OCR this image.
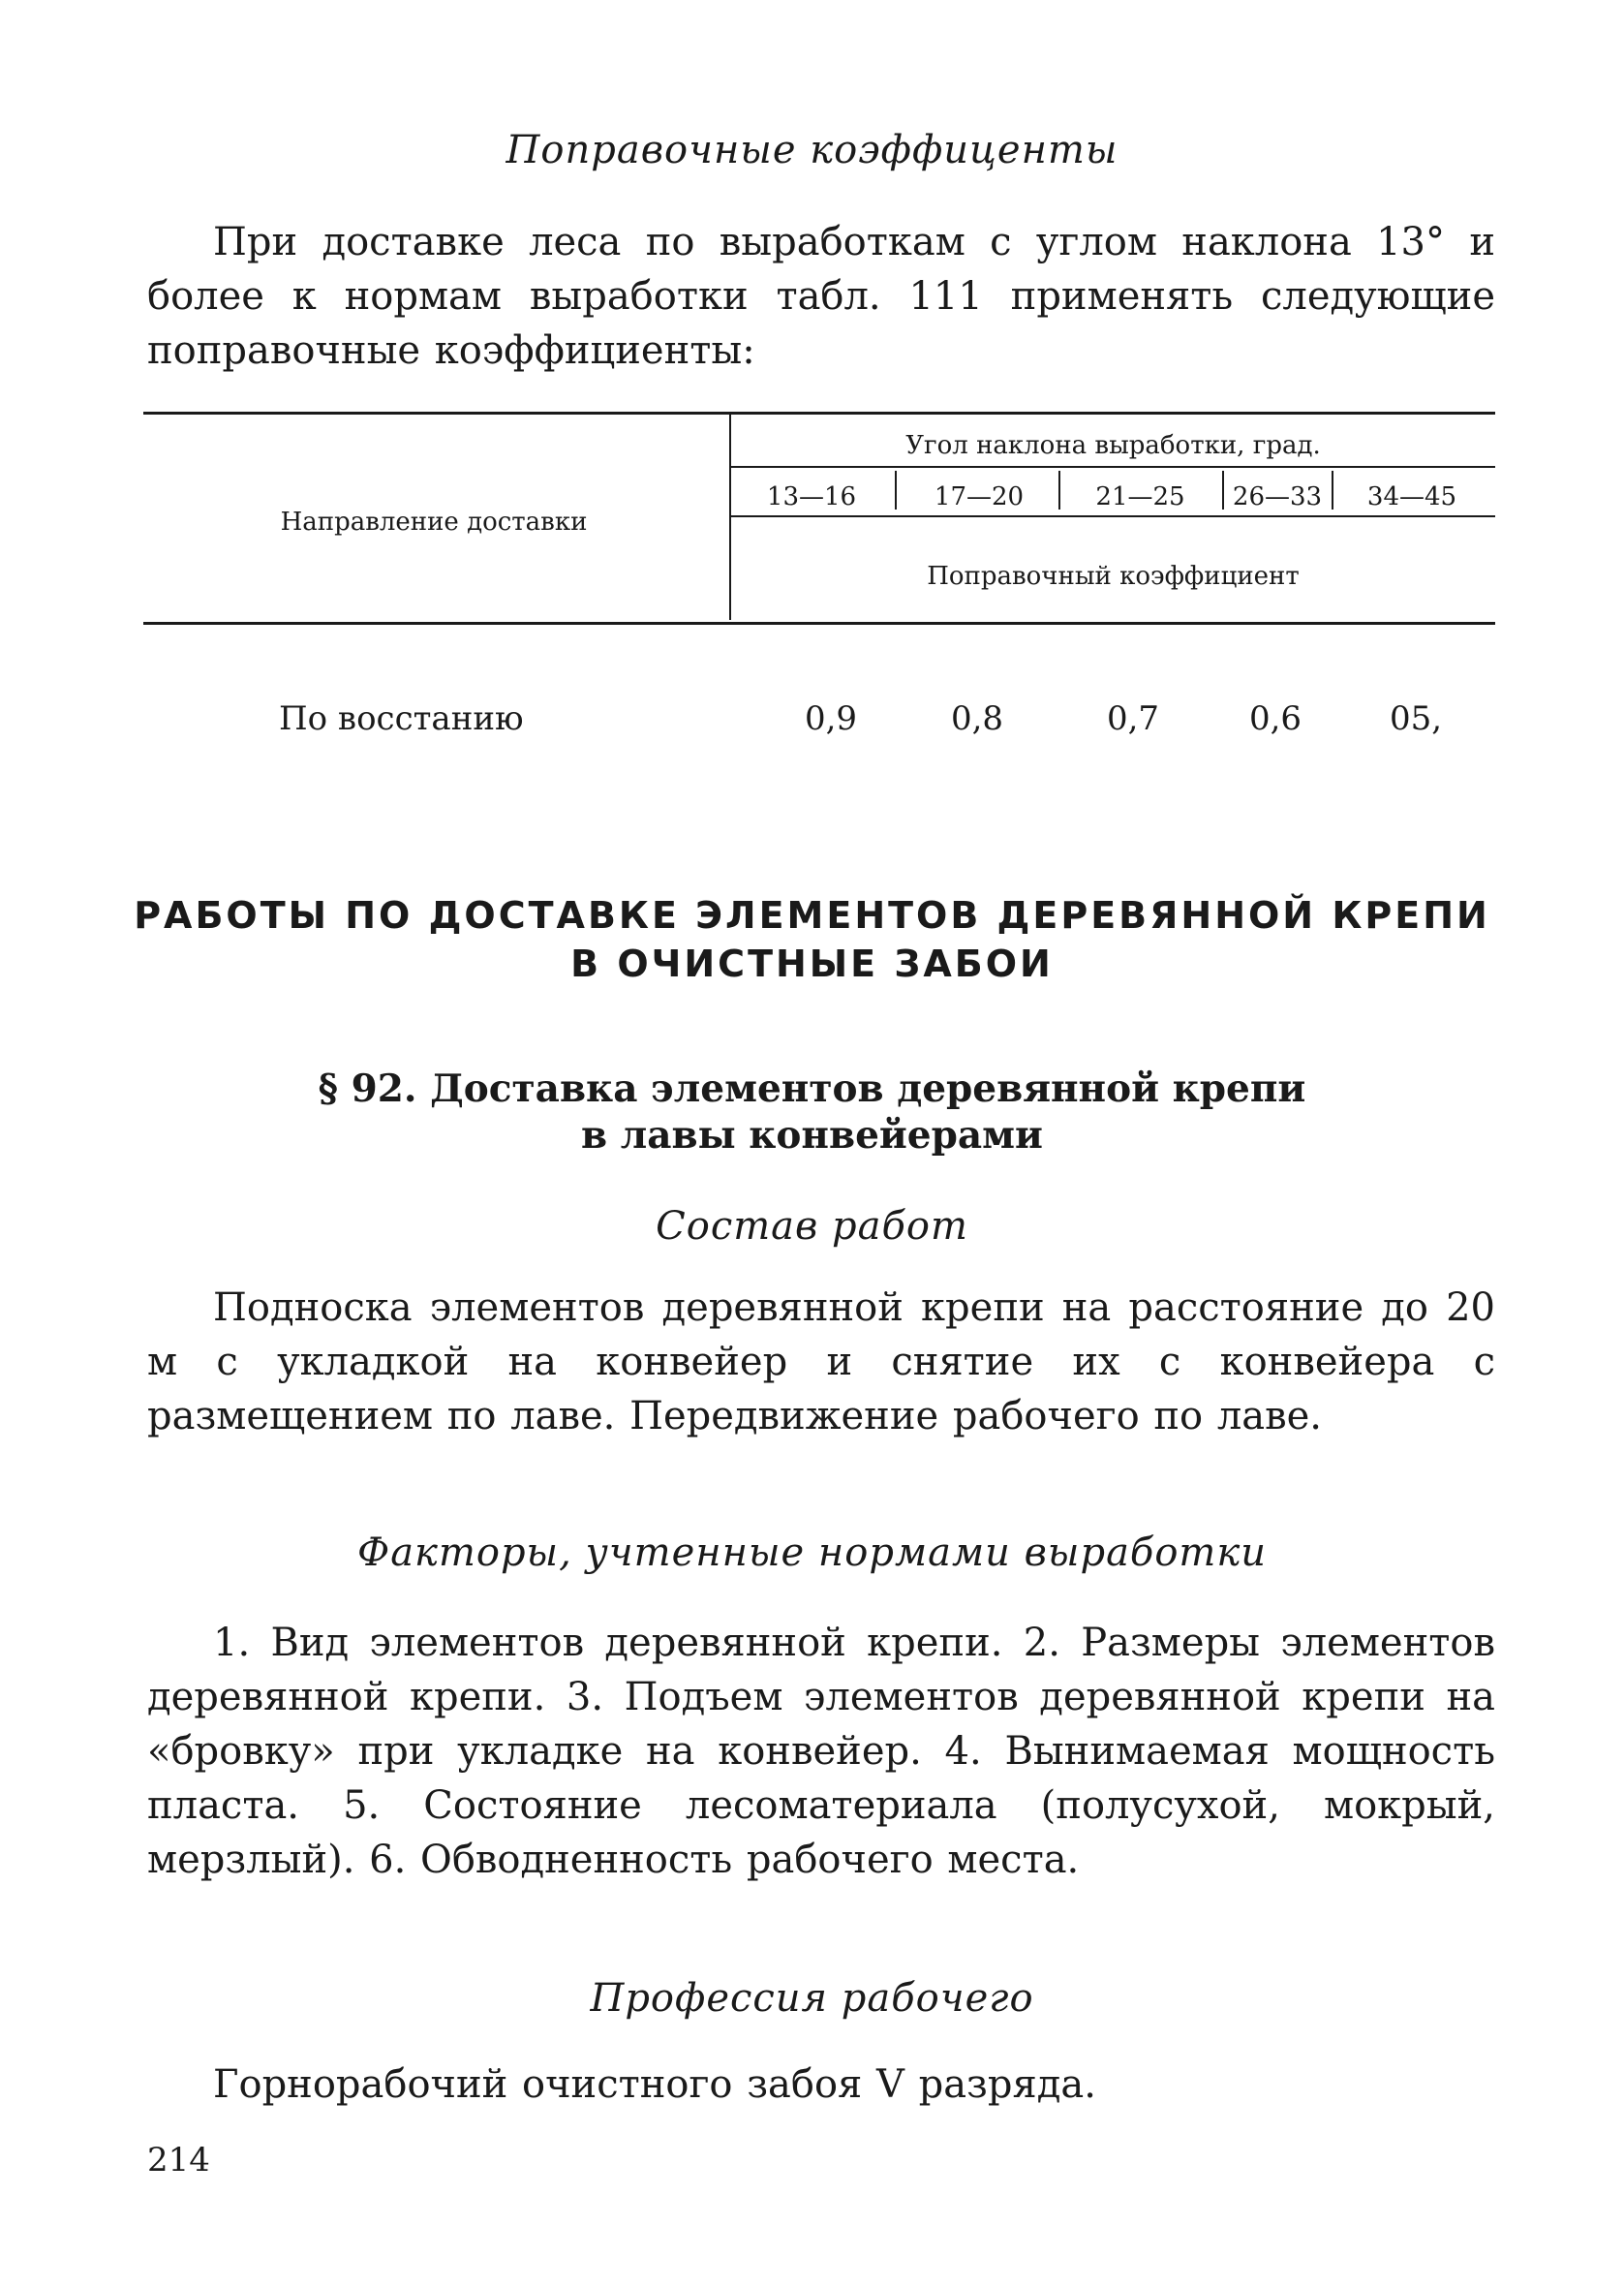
Поправочные коэффиценты

При доставке леса по выработкам с углом наклона 13° и более к нормам выработки табл. 111 применять следующие поправочные коэффициенты:

Направление доставки
Угол наклона выработки, град.
13—16	17—20	21—25	26—33	34—45
Поправочный коэффициент
По восстанию	0,9	0,8	0,7	0,6	05,
РАБОТЫ ПО ДОСТАВКЕ ЭЛЕМЕНТОВ ДЕРЕВЯННОЙ КРЕПИ
В ОЧИСТНЫЕ ЗАБОИ
§ 92. Доставка элементов деревянной крепи
в лавы конвейерами
Состав работ

Подноска элементов деревянной крепи на расстояние до 20 м с укладкой на конвейер и снятие их с конвейера с размещением по лаве. Передвижение рабочего по лаве.

Факторы, учтенные нормами выработки

1. Вид элементов деревянной крепи. 2. Размеры элементов деревянной крепи. 3. Подъем элементов деревянной крепи на «бровку» при укладке на конвейер. 4. Вынимаемая мощность пласта. 5. Состояние лесоматериала (полусухой, мокрый, мерзлый). 6. Обводненность рабочего места.

Профессия рабочего

Горнорабочий очистного забоя V разряда.

214
